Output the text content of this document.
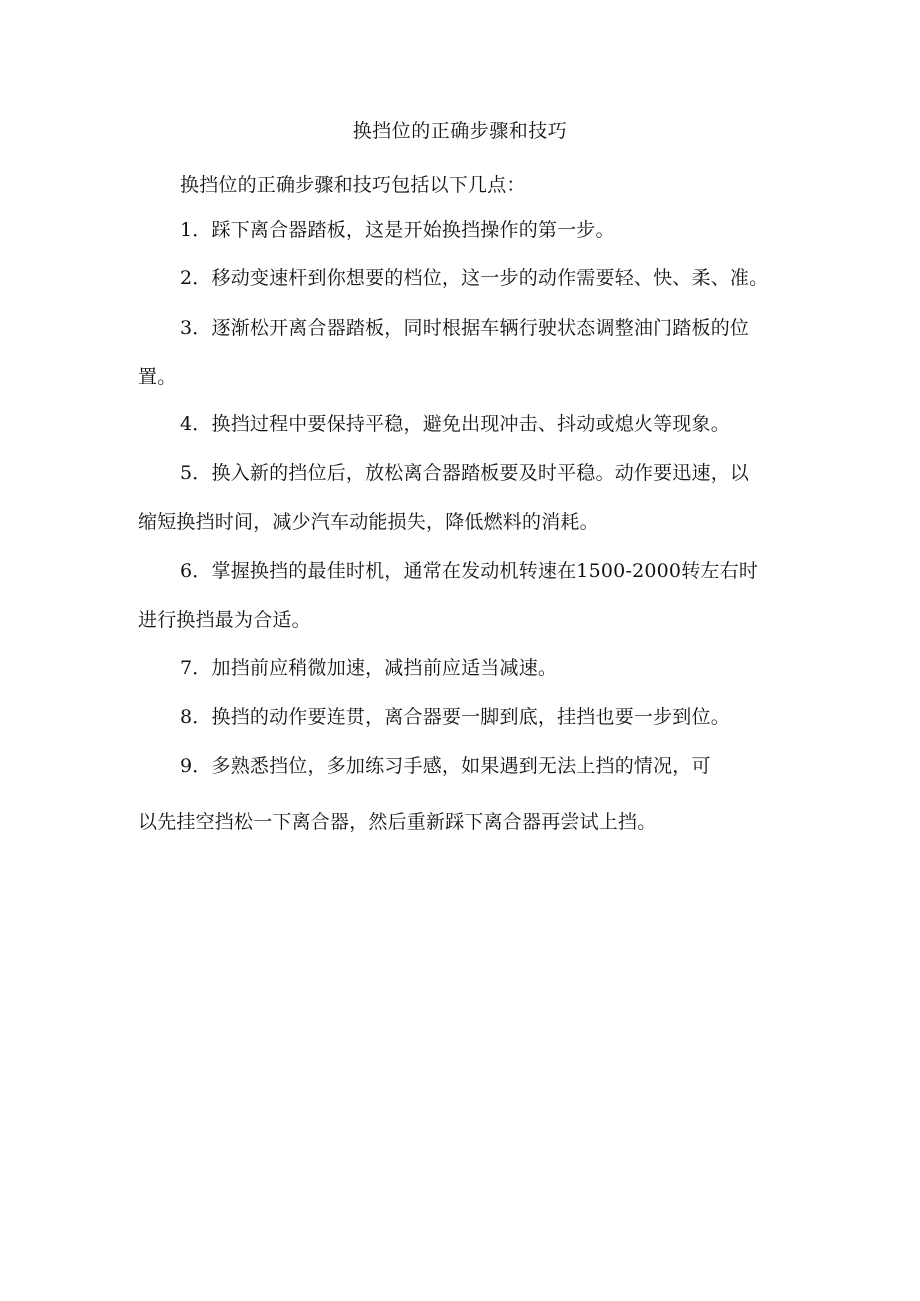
换挡位的正确步骤和技巧
换挡位的正确步骤和技巧包括以下几点：
1．踩下离合器踏板，这是开始换挡操作的第一步。
2．移动变速杆到你想要的档位，这一步的动作需要轻、快、柔、准。
3．逐渐松开离合器踏板，同时根据车辆行驶状态调整油门踏板的位
置。
4．换挡过程中要保持平稳，避免出现冲击、抖动或熄火等现象。
5．换入新的挡位后，放松离合器踏板要及时平稳。动作要迅速，以
缩短换挡时间，减少汽车动能损失，降低燃料的消耗。
6．掌握换挡的最佳时机，通常在发动机转速在1500-2000转左右时
进行换挡最为合适。
7．加挡前应稍微加速，减挡前应适当减速。
8．换挡的动作要连贯，离合器要一脚到底，挂挡也要一步到位。
9．多熟悉挡位，多加练习手感，如果遇到无法上挡的情况，可
以先挂空挡松一下离合器，然后重新踩下离合器再尝试上挡。
